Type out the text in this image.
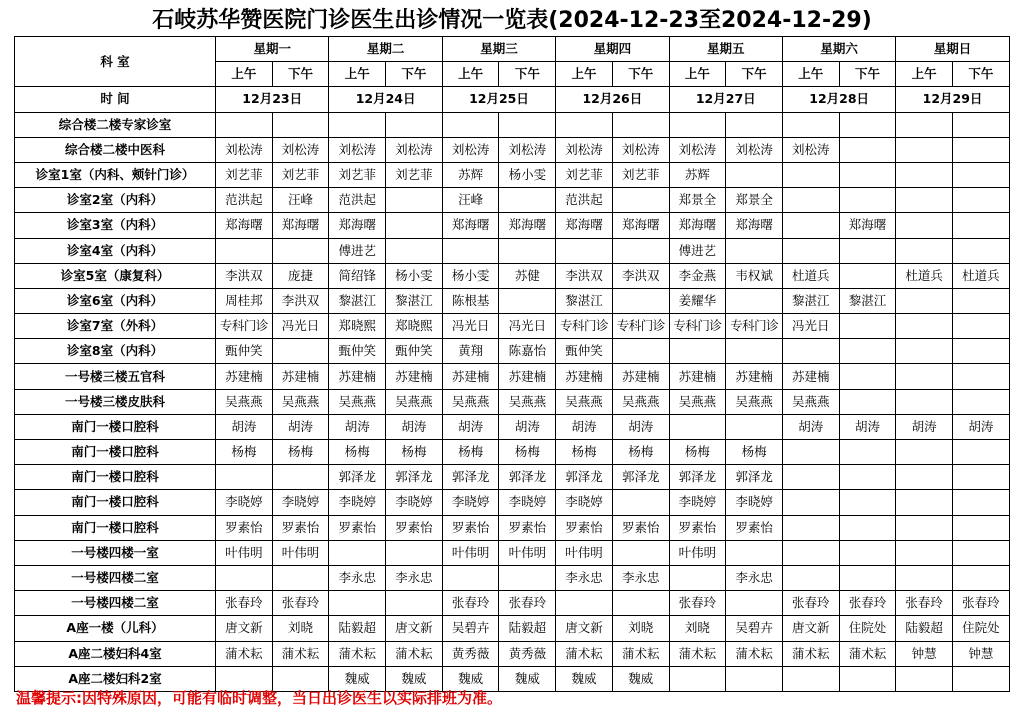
石岐苏华赞医院门诊医生出诊情况一览表(2024-12-23至2024-12-29)
科 室	星期一		星期二		星期三		星期四		星期五		星期六		星期日	
	上午	下午	上午	下午	上午	下午	上午	下午	上午	下午	上午	下午	上午	下午
时 间	12月23日		12月24日		12月25日		12月26日		12月27日		12月28日		12月29日	
综合楼二楼专家诊室														
综合楼二楼中医科	刘松涛	刘松涛	刘松涛	刘松涛	刘松涛	刘松涛	刘松涛	刘松涛	刘松涛	刘松涛	刘松涛			
诊室1室（内科、颊针门诊）	刘艺菲	刘艺菲	刘艺菲	刘艺菲	苏辉	杨小雯	刘艺菲	刘艺菲	苏辉					
诊室2室（内科）	范洪起	汪峰	范洪起		汪峰		范洪起		郑景全	郑景全				
诊室3室（内科）	郑海曙	郑海曙	郑海曙		郑海曙	郑海曙	郑海曙	郑海曙	郑海曙	郑海曙		郑海曙		
诊室4室（内科）			傅进艺						傅进艺					
诊室5室（康复科）	李洪双	庞捷	简绍锋	杨小雯	杨小雯	苏健	李洪双	李洪双	李金燕	韦权斌	杜道兵		杜道兵	杜道兵
诊室6室（内科）	周桂邦	李洪双	黎湛江	黎湛江	陈根基		黎湛江		姜耀华		黎湛江	黎湛江		
诊室7室（外科）	专科门诊	冯光日	郑晓熙	郑晓熙	冯光日	冯光日	专科门诊	专科门诊	专科门诊	专科门诊	冯光日			
诊室8室（内科）	甄仲笑		甄仲笑	甄仲笑	黄翔	陈嘉怡	甄仲笑							
一号楼三楼五官科	苏建楠	苏建楠	苏建楠	苏建楠	苏建楠	苏建楠	苏建楠	苏建楠	苏建楠	苏建楠	苏建楠			
一号楼三楼皮肤科	吴燕燕	吴燕燕	吴燕燕	吴燕燕	吴燕燕	吴燕燕	吴燕燕	吴燕燕	吴燕燕	吴燕燕	吴燕燕			
南门一楼口腔科	胡涛	胡涛	胡涛	胡涛	胡涛	胡涛	胡涛	胡涛			胡涛	胡涛	胡涛	胡涛
南门一楼口腔科	杨梅	杨梅	杨梅	杨梅	杨梅	杨梅	杨梅	杨梅	杨梅	杨梅				
南门一楼口腔科			郭泽龙	郭泽龙	郭泽龙	郭泽龙	郭泽龙	郭泽龙	郭泽龙	郭泽龙				
南门一楼口腔科	李晓婷	李晓婷	李晓婷	李晓婷	李晓婷	李晓婷	李晓婷		李晓婷	李晓婷				
南门一楼口腔科	罗素怡	罗素怡	罗素怡	罗素怡	罗素怡	罗素怡	罗素怡	罗素怡	罗素怡	罗素怡				
一号楼四楼一室	叶伟明	叶伟明			叶伟明	叶伟明	叶伟明		叶伟明					
一号楼四楼二室			李永忠	李永忠			李永忠	李永忠		李永忠				
一号楼四楼二室	张春玲	张春玲			张春玲	张春玲			张春玲		张春玲	张春玲	张春玲	张春玲
A座一楼（儿科）	唐文新	刘晓	陆毅超	唐文新	吴碧卉	陆毅超	唐文新	刘晓	刘晓	吴碧卉	唐文新	住院处	陆毅超	住院处
A座二楼妇科4室	蒲术耘	蒲术耘	蒲术耘	蒲术耘	黄秀薇	黄秀薇	蒲术耘	蒲术耘	蒲术耘	蒲术耘	蒲术耘	蒲术耘	钟慧	钟慧
A座二楼妇科2室			魏威	魏威	魏威	魏威	魏威	魏威						
温馨提示:因特殊原因，可能有临时调整，当日出诊医生以实际排班为准。
